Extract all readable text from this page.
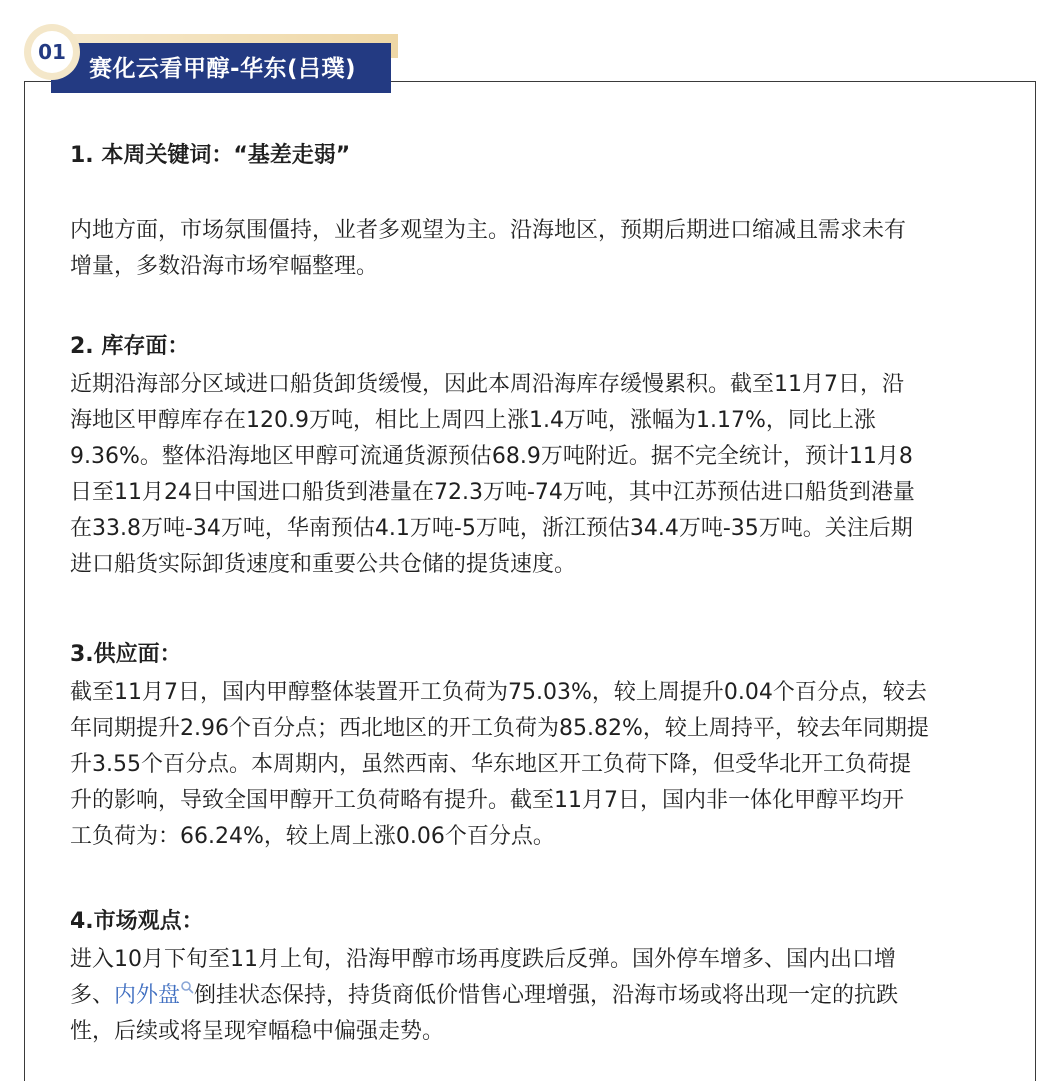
赛化云看甲醇-华东(吕璞)
01
1. 本周关键词：“基差走弱”
内地方面，市场氛围僵持，业者多观望为主。沿海地区，预期后期进口缩减且需求未有
增量，多数沿海市场窄幅整理。
2. 库存面：
近期沿海部分区域进口船货卸货缓慢，因此本周沿海库存缓慢累积。截至11月7日，沿
海地区甲醇库存在120.9万吨，相比上周四上涨1.4万吨，涨幅为1.17%，同比上涨
9.36%。整体沿海地区甲醇可流通货源预估68.9万吨附近。据不完全统计，预计11月8
日至11月24日中国进口船货到港量在72.3万吨-74万吨，其中江苏预估进口船货到港量
在33.8万吨-34万吨，华南预估4.1万吨-5万吨，浙江预估34.4万吨-35万吨。关注后期
进口船货实际卸货速度和重要公共仓储的提货速度。
3.供应面：
截至11月7日，国内甲醇整体装置开工负荷为75.03%，较上周提升0.04个百分点，较去
年同期提升2.96个百分点；西北地区的开工负荷为85.82%，较上周持平，较去年同期提
升3.55个百分点。本周期内，虽然西南、华东地区开工负荷下降，但受华北开工负荷提
升的影响，导致全国甲醇开工负荷略有提升。截至11月7日，国内非一体化甲醇平均开
工负荷为：66.24%，较上周上涨0.06个百分点。
4.市场观点：
进入10月下旬至11月上旬，沿海甲醇市场再度跌后反弹。国外停车增多、国内出口增
多、内外盘 倒挂状态保持，持货商低价惜售心理增强，沿海市场或将出现一定的抗跌
性，后续或将呈现窄幅稳中偏强走势。
